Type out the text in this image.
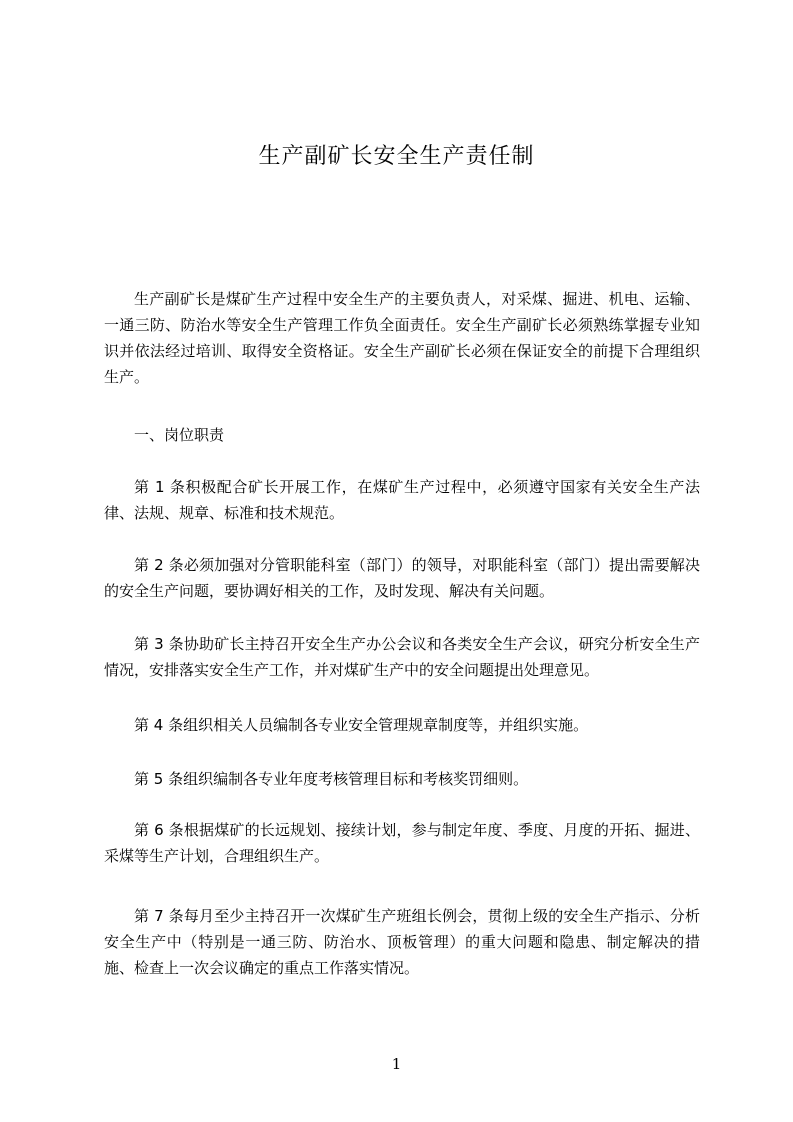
生产副矿长安全生产责任制

生产副矿长是煤矿生产过程中安全生产的主要负责人，对采煤、掘进、机电、运输、一通三防、防治水等安全生产管理工作负全面责任。安全生产副矿长必须熟练掌握专业知识并依法经过培训、取得安全资格证。安全生产副矿长必须在保证安全的前提下合理组织生产。

一、岗位职责

第 1 条积极配合矿长开展工作，在煤矿生产过程中，必须遵守国家有关安全生产法律、法规、规章、标准和技术规范。

第 2 条必须加强对分管职能科室（部门）的领导，对职能科室（部门）提出需要解决的安全生产问题，要协调好相关的工作，及时发现、解决有关问题。

第 3 条协助矿长主持召开安全生产办公会议和各类安全生产会议，研究分析安全生产情况，安排落实安全生产工作，并对煤矿生产中的安全问题提出处理意见。

第 4 条组织相关人员编制各专业安全管理规章制度等，并组织实施。

第 5 条组织编制各专业年度考核管理目标和考核奖罚细则。

第 6 条根据煤矿的长远规划、接续计划，参与制定年度、季度、月度的开拓、掘进、采煤等生产计划，合理组织生产。

第 7 条每月至少主持召开一次煤矿生产班组长例会，贯彻上级的安全生产指示、分析安全生产中（特别是一通三防、防治水、顶板管理）的重大问题和隐患、制定解决的措施、检查上一次会议确定的重点工作落实情况。

1
